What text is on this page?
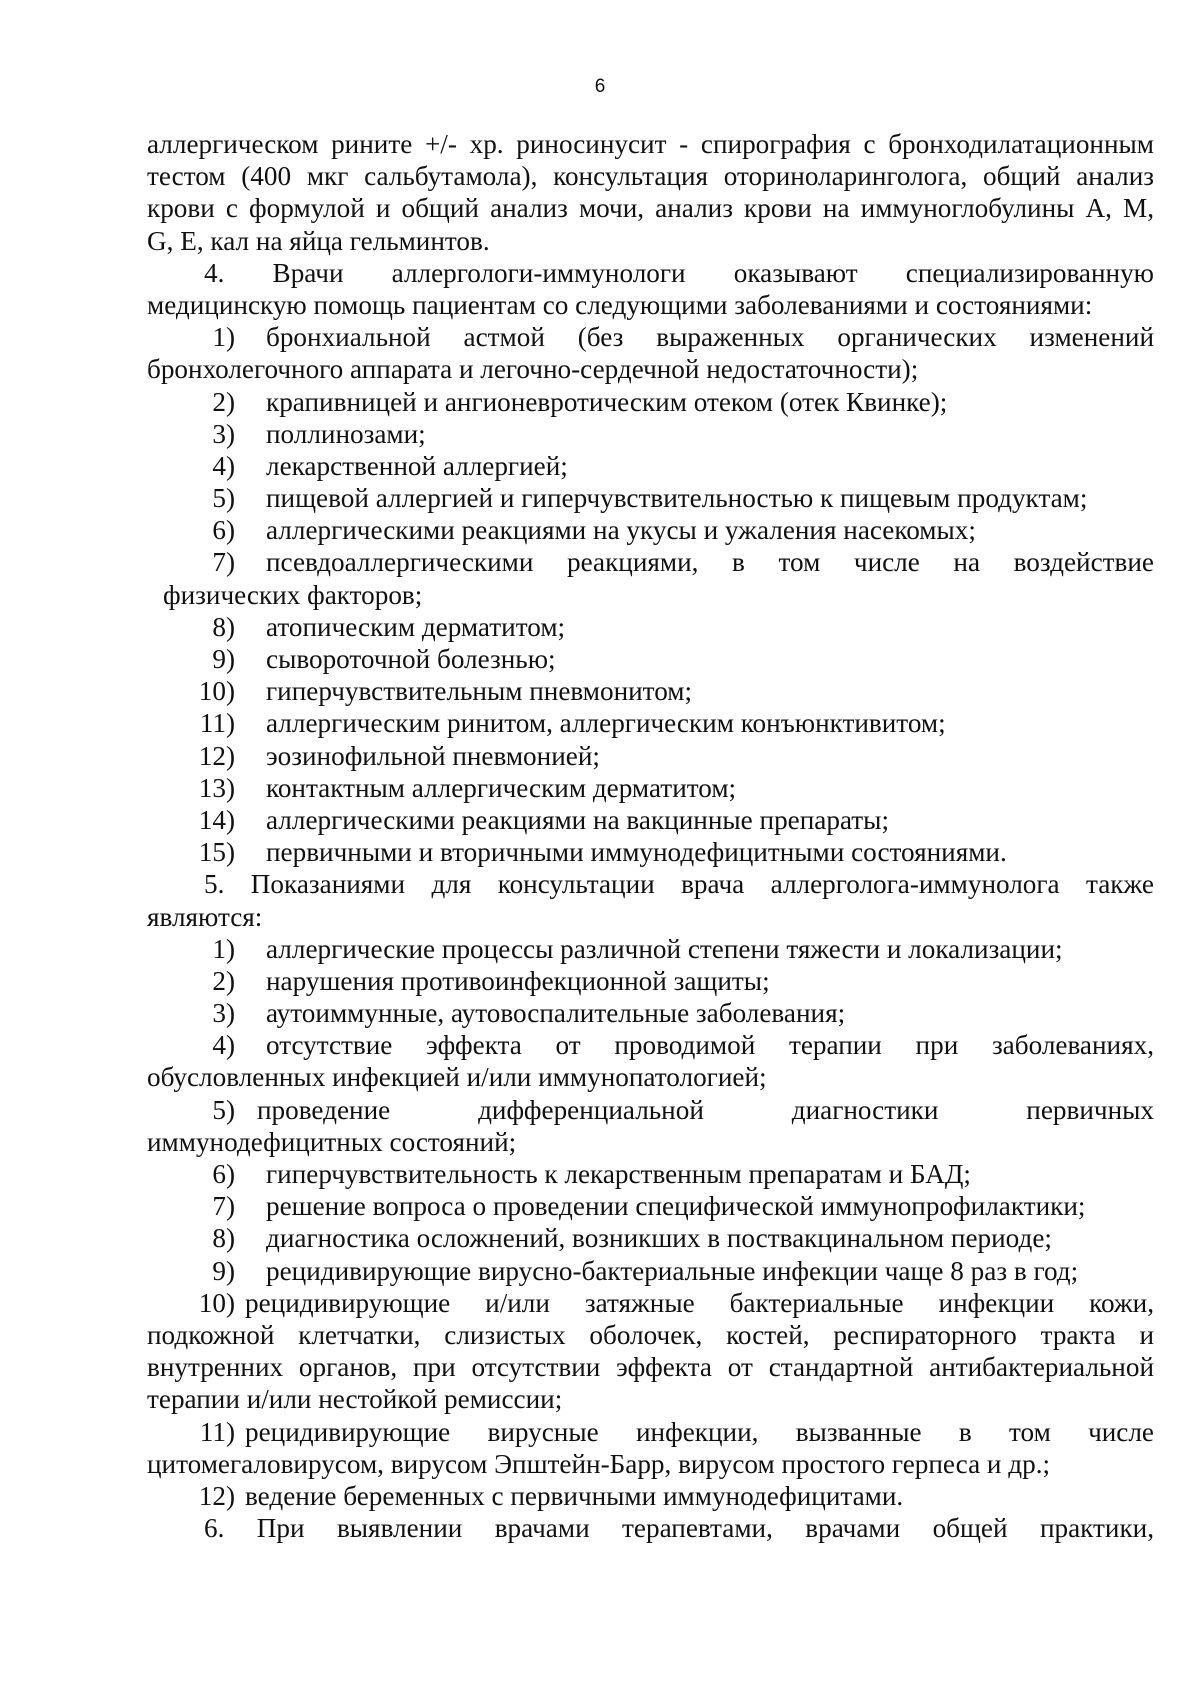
6
аллергическом рините +/- хр. риносинусит - спирография с бронходилатационным
тестом (400 мкг сальбутамола), консультация оториноларинголога, общий анализ
крови с формулой и общий анализ мочи, анализ крови на иммуноглобулины A, M,
G, E, кал на яйца гельминтов.
4. Врачи аллергологи-иммунологи оказывают специализированную
медицинскую помощь пациентам со следующими заболеваниями и состояниями:
1) бронхиальной астмой (без выраженных органических изменений
бронхолегочного аппарата и легочно-сердечной недостаточности);
2) крапивницей и ангионевротическим отеком (отек Квинке);
3) поллинозами;
4) лекарственной аллергией;
5) пищевой аллергией и гиперчувствительностью к пищевым продуктам;
6) аллергическими реакциями на укусы и ужаления насекомых;
7) псевдоаллергическими реакциями, в том числе на воздействие
физических факторов;
8) атопическим дерматитом;
9) сывороточной болезнью;
10) гиперчувствительным пневмонитом;
11) аллергическим ринитом, аллергическим конъюнктивитом;
12) эозинофильной пневмонией;
13) контактным аллергическим дерматитом;
14) аллергическими реакциями на вакцинные препараты;
15) первичными и вторичными иммунодефицитными состояниями.
5. Показаниями для консультации врача аллерголога-иммунолога также
являются:
1) аллергические процессы различной степени тяжести и локализации;
2) нарушения противоинфекционной защиты;
3) аутоиммунные, аутовоспалительные заболевания;
4) отсутствие эффекта от проводимой терапии при заболеваниях,
обусловленных инфекцией и/или иммунопатологией;
5) проведение дифференциальной диагностики первичных
иммунодефицитных состояний;
6) гиперчувствительность к лекарственным препаратам и БАД;
7) решение вопроса о проведении специфической иммунопрофилактики;
8) диагностика осложнений, возникших в поствакцинальном периоде;
9) рецидивирующие вирусно-бактериальные инфекции чаще 8 раз в год;
10) рецидивирующие и/или затяжные бактериальные инфекции кожи,
подкожной клетчатки, слизистых оболочек, костей, респираторного тракта и
внутренних органов, при отсутствии эффекта от стандартной антибактериальной
терапии и/или нестойкой ремиссии;
11) рецидивирующие вирусные инфекции, вызванные в том числе
цитомегаловирусом, вирусом Эпштейн-Барр, вирусом простого герпеса и др.;
12) ведение беременных с первичными иммунодефицитами.
6. При выявлении врачами терапевтами, врачами общей практики,
